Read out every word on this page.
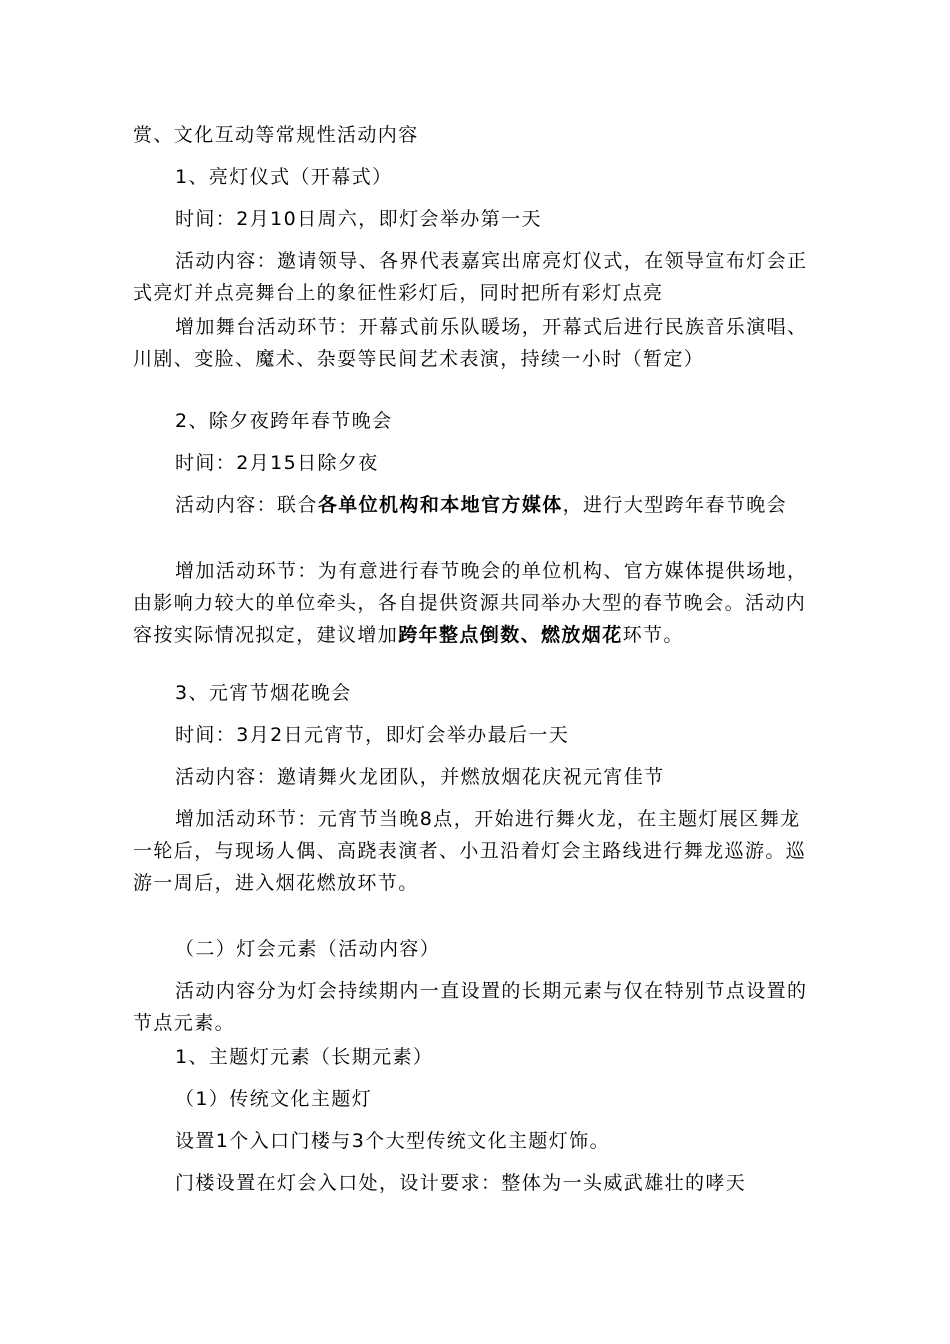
赏、文化互动等常规性活动内容

1、亮灯仪式（开幕式）

时间：2月10日周六，即灯会举办第一天

活动内容：邀请领导、各界代表嘉宾出席亮灯仪式，在领导宣布灯会正式亮灯并点亮舞台上的象征性彩灯后，同时把所有彩灯点亮

增加舞台活动环节：开幕式前乐队暖场，开幕式后进行民族音乐演唱、川剧、变脸、魔术、杂耍等民间艺术表演，持续一小时（暂定）

2、除夕夜跨年春节晚会

时间：2月15日除夕夜

活动内容：联合各单位机构和本地官方媒体，进行大型跨年春节晚会

增加活动环节：为有意进行春节晚会的单位机构、官方媒体提供场地，由影响力较大的单位牵头，各自提供资源共同举办大型的春节晚会。活动内容按实际情况拟定，建议增加跨年整点倒数、燃放烟花环节。

3、元宵节烟花晚会

时间：3月2日元宵节，即灯会举办最后一天

活动内容：邀请舞火龙团队，并燃放烟花庆祝元宵佳节

增加活动环节：元宵节当晚8点，开始进行舞火龙，在主题灯展区舞龙一轮后，与现场人偶、高跷表演者、小丑沿着灯会主路线进行舞龙巡游。巡游一周后，进入烟花燃放环节。

（二）灯会元素（活动内容）

活动内容分为灯会持续期内一直设置的长期元素与仅在特别节点设置的节点元素。

1、主题灯元素（长期元素）

（1）传统文化主题灯

设置1个入口门楼与3个大型传统文化主题灯饰。

门楼设置在灯会入口处，设计要求：整体为一头威武雄壮的哮天
